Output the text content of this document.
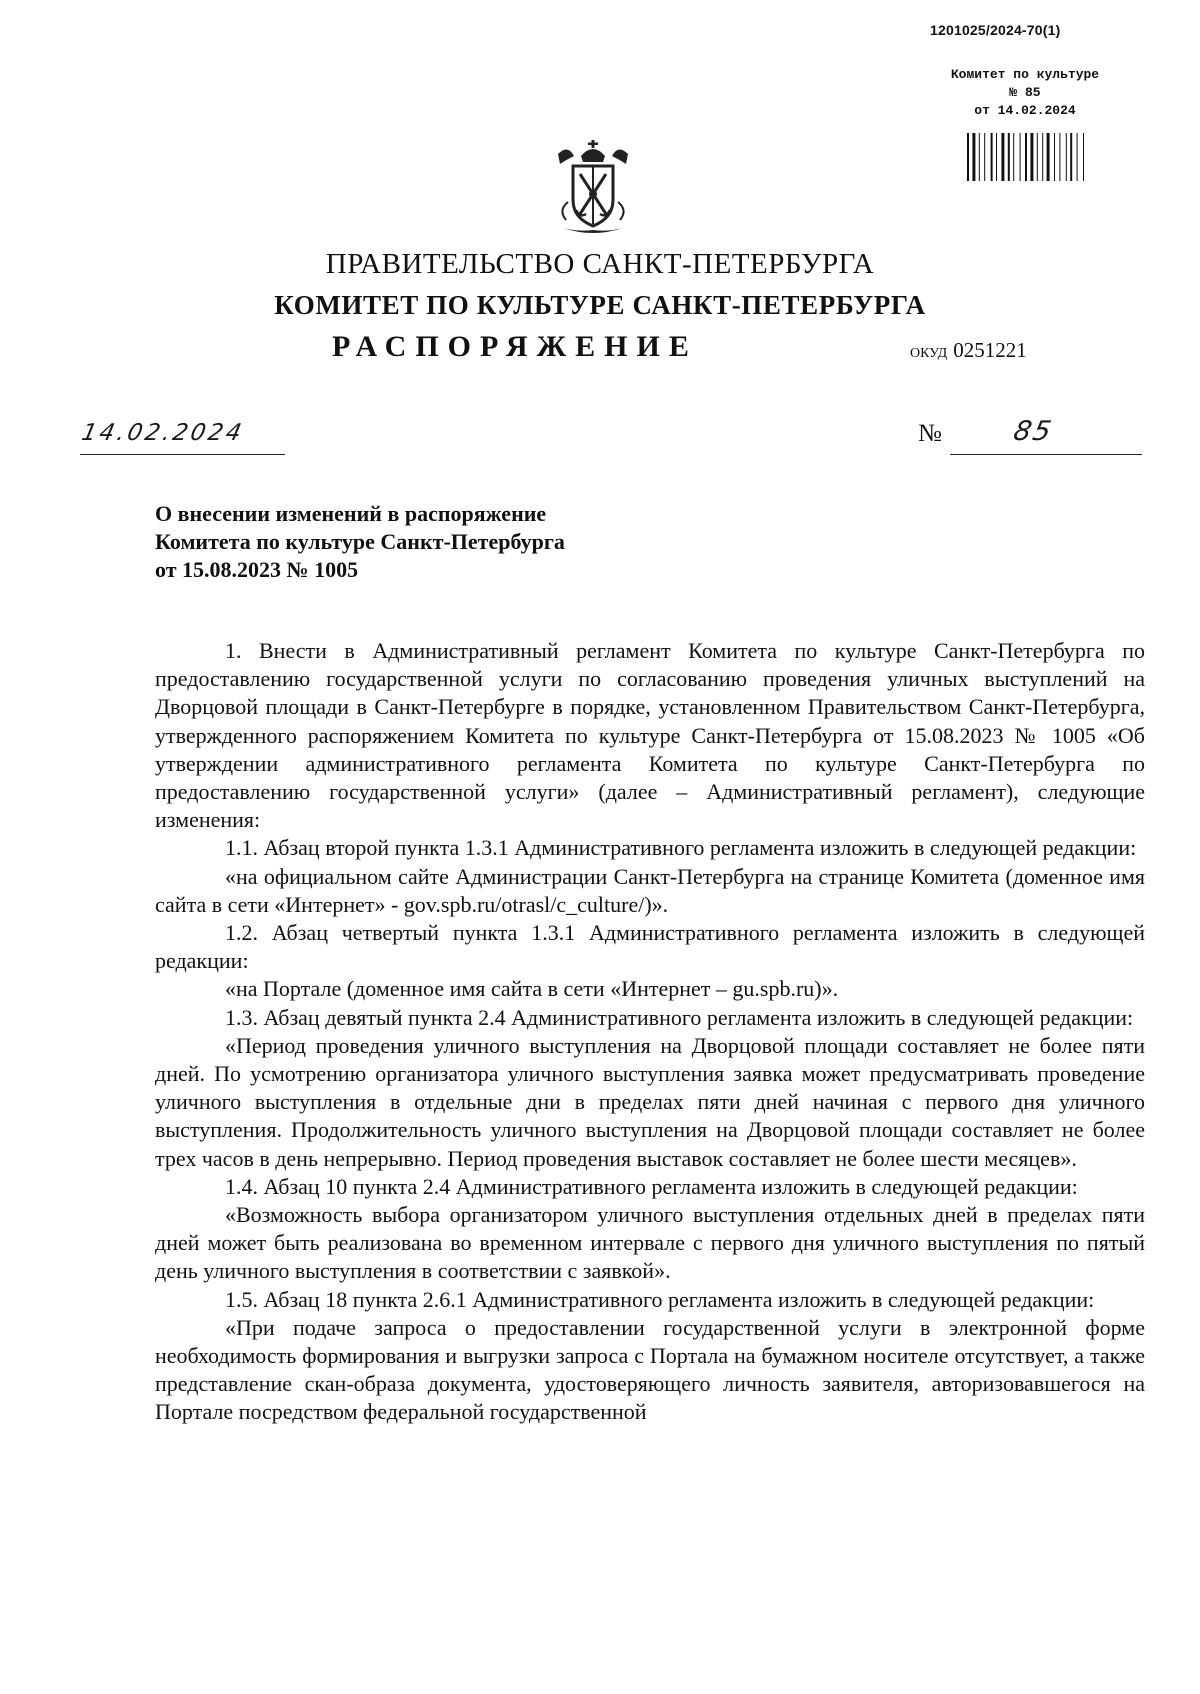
1201025/2024-70(1)
Комитет по культуре
№ 85
от 14.02.2024
ПРАВИТЕЛЬСТВО САНКТ-ПЕТЕРБУРГА
КОМИТЕТ ПО КУЛЬТУРЕ САНКТ-ПЕТЕРБУРГА
РАСПОРЯЖЕНИЕ	ОКУД 0251221
14.02.2024	№	85
О внесении изменений в распоряжение
Комитета по культуре Санкт-Петербурга
от 15.08.2023 № 1005

1. Внести в Административный регламент Комитета по культуре Санкт-Петербурга по предоставлению государственной услуги по согласованию проведения уличных выступлений на Дворцовой площади в Санкт-Петербурге в порядке, установленном Правительством Санкт-Петербурга, утвержденного распоряжением Комитета по культуре Санкт-Петербурга от 15.08.2023 № 1005 «Об утверждении административного регламента Комитета по культуре Санкт-Петербурга по предоставлению государственной услуги» (далее – Административный регламент), следующие изменения:

1.1. Абзац второй пункта 1.3.1 Административного регламента изложить в следующей редакции:

«на официальном сайте Администрации Санкт-Петербурга на странице Комитета (доменное имя сайта в сети «Интернет» - gov.spb.ru/otrasl/c_culture/)».

1.2. Абзац четвертый пункта 1.3.1 Административного регламента изложить в следующей редакции:

«на Портале (доменное имя сайта в сети «Интернет – gu.spb.ru)».

1.3. Абзац девятый пункта 2.4 Административного регламента изложить в следующей редакции:

«Период проведения уличного выступления на Дворцовой площади составляет не более пяти дней. По усмотрению организатора уличного выступления заявка может предусматривать проведение уличного выступления в отдельные дни в пределах пяти дней начиная с первого дня уличного выступления. Продолжительность уличного выступления на Дворцовой площади составляет не более трех часов в день непрерывно. Период проведения выставок составляет не более шести месяцев».

1.4. Абзац 10 пункта 2.4 Административного регламента изложить в следующей редакции:

«Возможность выбора организатором уличного выступления отдельных дней в пределах пяти дней может быть реализована во временном интервале с первого дня уличного выступления по пятый день уличного выступления в соответствии с заявкой».

1.5. Абзац 18 пункта 2.6.1 Административного регламента изложить в следующей редакции:

«При подаче запроса о предоставлении государственной услуги в электронной форме необходимость формирования и выгрузки запроса с Портала на бумажном носителе отсутствует, а также представление скан-образа документа, удостоверяющего личность заявителя, авторизовавшегося на Портале посредством федеральной государственной
